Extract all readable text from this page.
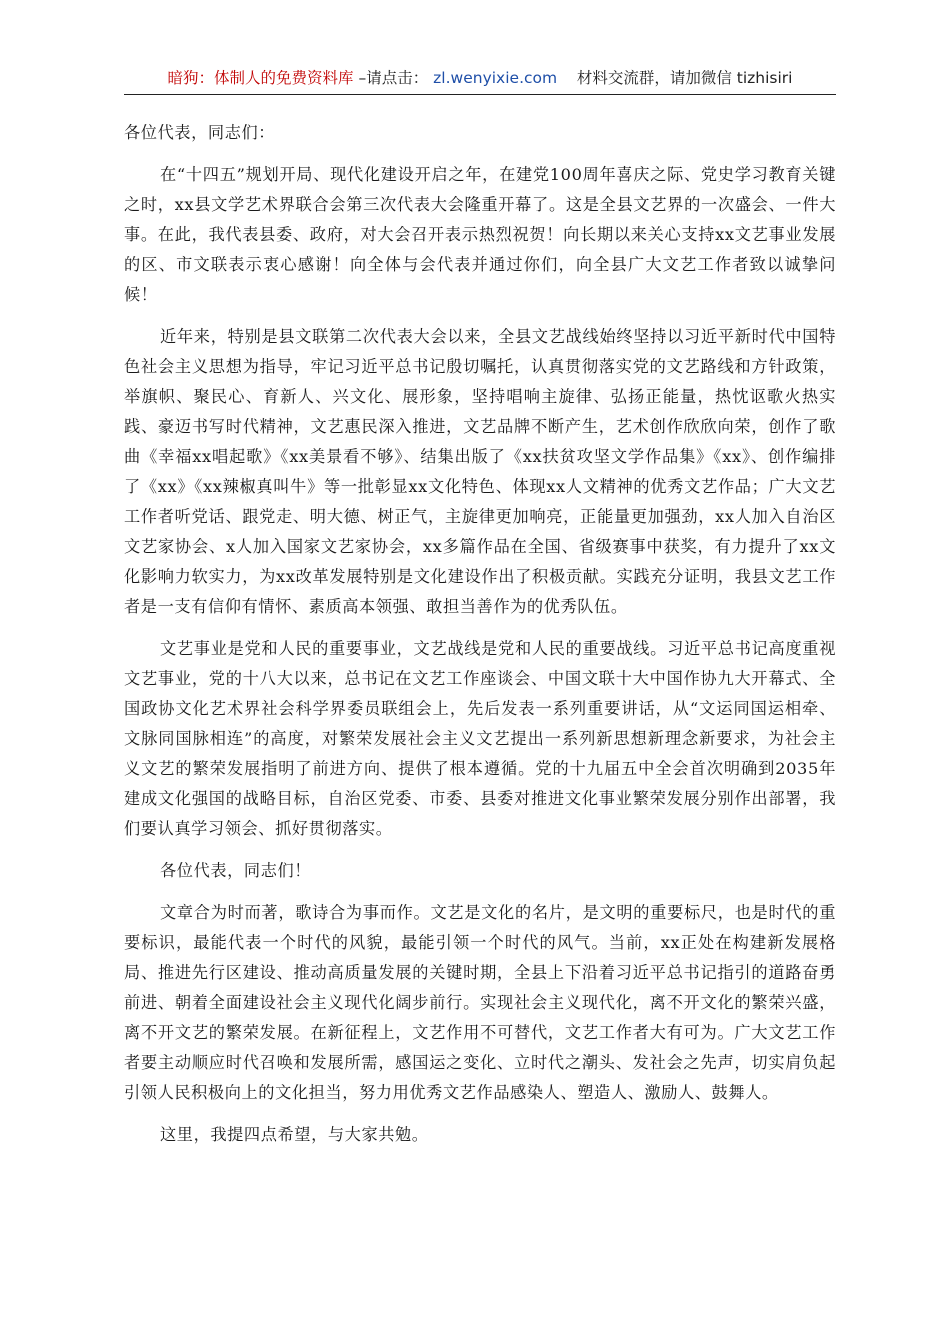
暗狗：体制人的免费资料库 –请点击： zl.wenyixie.com 材料交流群，请加微信 tizhisiri

各位代表，同志们：

在“十四五”规划开局、现代化建设开启之年，在建党100周年喜庆之际、党史学习教育关键之时，xx县文学艺术界联合会第三次代表大会隆重开幕了。这是全县文艺界的一次盛会、一件大事。在此，我代表县委、政府，对大会召开表示热烈祝贺！向长期以来关心支持xx文艺事业发展的区、市文联表示衷心感谢！向全体与会代表并通过你们，向全县广大文艺工作者致以诚挚问候！

近年来，特别是县文联第二次代表大会以来，全县文艺战线始终坚持以习近平新时代中国特色社会主义思想为指导，牢记习近平总书记殷切嘱托，认真贯彻落实党的文艺路线和方针政策，举旗帜、聚民心、育新人、兴文化、展形象，坚持唱响主旋律、弘扬正能量，热忱讴歌火热实践、豪迈书写时代精神，文艺惠民深入推进，文艺品牌不断产生，艺术创作欣欣向荣，创作了歌曲《幸福xx唱起歌》《xx美景看不够》、结集出版了《xx扶贫攻坚文学作品集》《xx》、创作编排了《xx》《xx辣椒真叫牛》等一批彰显xx文化特色、体现xx人文精神的优秀文艺作品；广大文艺工作者听党话、跟党走、明大德、树正气，主旋律更加响亮，正能量更加强劲，xx人加入自治区文艺家协会、x人加入国家文艺家协会，xx多篇作品在全国、省级赛事中获奖，有力提升了xx文化影响力软实力，为xx改革发展特别是文化建设作出了积极贡献。实践充分证明，我县文艺工作者是一支有信仰有情怀、素质高本领强、敢担当善作为的优秀队伍。

文艺事业是党和人民的重要事业，文艺战线是党和人民的重要战线。习近平总书记高度重视文艺事业，党的十八大以来，总书记在文艺工作座谈会、中国文联十大中国作协九大开幕式、全国政协文化艺术界社会科学界委员联组会上，先后发表一系列重要讲话，从“文运同国运相牵、文脉同国脉相连”的高度，对繁荣发展社会主义文艺提出一系列新思想新理念新要求，为社会主义文艺的繁荣发展指明了前进方向、提供了根本遵循。党的十九届五中全会首次明确到2035年建成文化强国的战略目标，自治区党委、市委、县委对推进文化事业繁荣发展分别作出部署，我们要认真学习领会、抓好贯彻落实。

各位代表，同志们！

文章合为时而著，歌诗合为事而作。文艺是文化的名片，是文明的重要标尺，也是时代的重要标识，最能代表一个时代的风貌，最能引领一个时代的风气。当前，xx正处在构建新发展格局、推进先行区建设、推动高质量发展的关键时期，全县上下沿着习近平总书记指引的道路奋勇前进、朝着全面建设社会主义现代化阔步前行。实现社会主义现代化，离不开文化的繁荣兴盛，离不开文艺的繁荣发展。在新征程上，文艺作用不可替代，文艺工作者大有可为。广大文艺工作者要主动顺应时代召唤和发展所需，感国运之变化、立时代之潮头、发社会之先声，切实肩负起引领人民积极向上的文化担当，努力用优秀文艺作品感染人、塑造人、激励人、鼓舞人。

这里，我提四点希望，与大家共勉。
